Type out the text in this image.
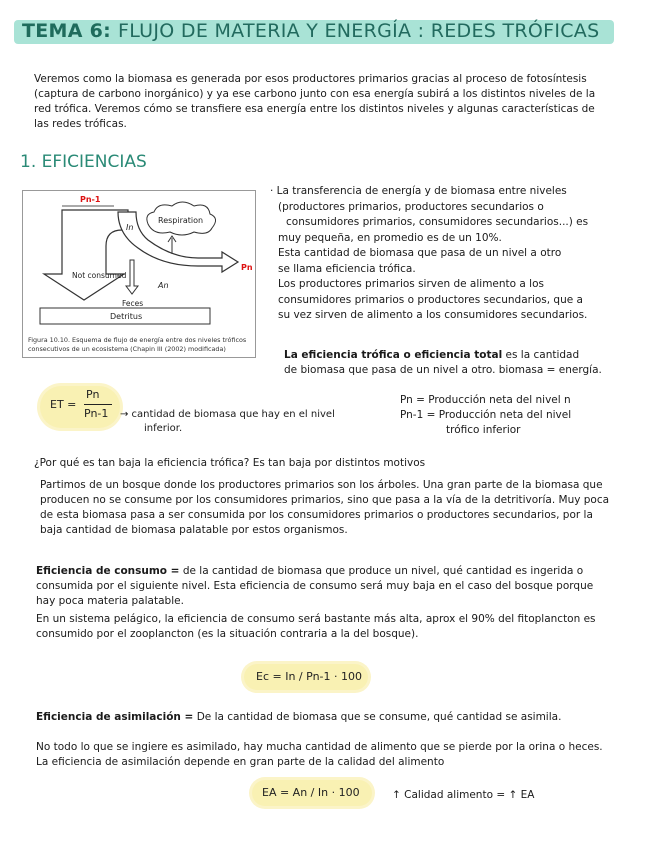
TEMA 6: FLUJO DE MATERIA Y ENERGÍA : REDES TRÓFICAS
Veremos como la biomasa es generada por esos productores primarios gracias al proceso de fotosíntesis (captura de carbono inorgánico) y ya ese carbono junto con esa energía subirá a los distintos niveles de la red trófica. Veremos cómo se transfiere esa energía entre los distintos niveles y algunas características de las redes tróficas.
1. EFICIENCIAS
Pn-1
Not consumed
In
An
Pn
Respiration
Feces
Detritus
Figura 10.10. Esquema de flujo de energía entre dos niveles tróficos
consecutivos de un ecosistema (Chapin III (2002) modificada)
· La transferencia de energía y de biomasa entre niveles
(productores primarios, productores secundarios o
consumidores primarios, consumidores secundarios...) es
muy pequeña, en promedio es de un 10%.
Esta cantidad de biomasa que pasa de un nivel a otro
se llama eficiencia trófica.
Los productores primarios sirven de alimento a los
consumidores primarios o productores secundarios, que a
su vez sirven de alimento a los consumidores secundarios.
La eficiencia trófica o eficiencia total es la cantidad
de biomasa que pasa de un nivel a otro. biomasa = energía.
ET =
Pn
Pn-1 → cantidad de biomasa que hay en el nivel
inferior.
Pn = Producción neta del nivel n
Pn-1 = Producción neta del nivel
trófico inferior
¿Por qué es tan baja la eficiencia trófica? Es tan baja por distintos motivos
Partimos de un bosque donde los productores primarios son los árboles. Una gran parte de la biomasa que producen no se consume por los consumidores primarios, sino que pasa a la vía de la detritivoría. Muy poca de esta biomasa pasa a ser consumida por los consumidores primarios o productores secundarios, por la baja cantidad de biomasa palatable por estos organismos.
Eficiencia de consumo = de la cantidad de biomasa que produce un nivel, qué cantidad es ingerida o consumida por el siguiente nivel. Esta eficiencia de consumo será muy baja en el caso del bosque porque hay poca materia palatable.
En un sistema pelágico, la eficiencia de consumo será bastante más alta, aprox el 90% del fitoplancton es consumido por el zooplancton (es la situación contraria a la del bosque).
Ec = In / Pn-1 · 100
Eficiencia de asimilación = De la cantidad de biomasa que se consume, qué cantidad se asimila.
No todo lo que se ingiere es asimilado, hay mucha cantidad de alimento que se pierde por la orina o heces. La eficiencia de asimilación depende en gran parte de la calidad del alimento
EA = An / In · 100	↑ Calidad alimento = ↑ EA
